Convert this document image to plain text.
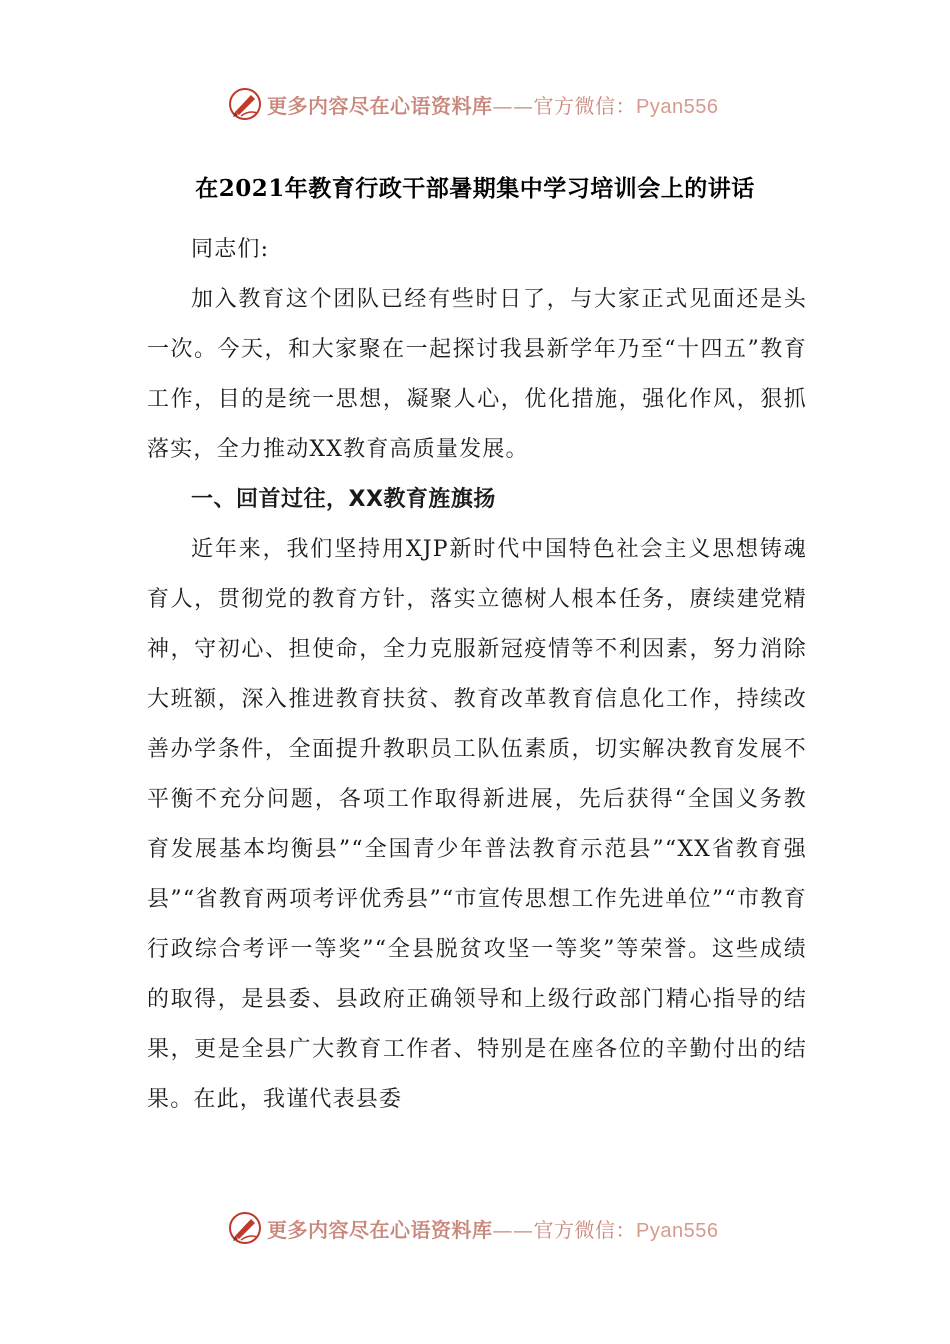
更多内容尽在心语资料库——官方微信：Pyan556
在2021年教育行政干部暑期集中学习培训会上的讲话

同志们:

加入教育这个团队已经有些时日了，与大家正式见面还是头一次。今天，和大家聚在一起探讨我县新学年乃至“十四五”教育工作，目的是统一思想，凝聚人心，优化措施，强化作风，狠抓落实，全力推动XX教育高质量发展。

一、回首过往，XX教育旌旗扬

近年来，我们坚持用XJP新时代中国特色社会主义思想铸魂育人，贯彻党的教育方针，落实立德树人根本任务，赓续建党精神，守初心、担使命，全力克服新冠疫情等不利因素，努力消除大班额，深入推进教育扶贫、教育改革教育信息化工作，持续改善办学条件，全面提升教职员工队伍素质，切实解决教育发展不平衡不充分问题，各项工作取得新进展，先后获得“全国义务教育发展基本均衡县”“全国青少年普法教育示范县”“XX省教育强县”“省教育两项考评优秀县”“市宣传思想工作先进单位”“市教育行政综合考评一等奖”“全县脱贫攻坚一等奖”等荣誉。这些成绩的取得，是县委、县政府正确领导和上级行政部门精心指导的结果，更是全县广大教育工作者、特别是在座各位的辛勤付出的结果。在此，我谨代表县委

更多内容尽在心语资料库——官方微信：Pyan556
